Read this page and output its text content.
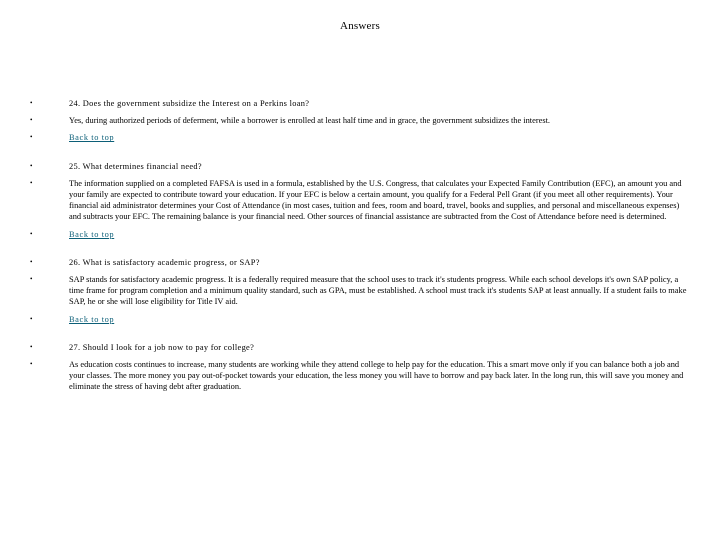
Answers
• 24. Does the government subsidize the Interest on a Perkins loan?
• Yes, during authorized periods of deferment, while a borrower is enrolled at least half time and in grace, the government subsidizes the interest.
• Back to top
• 25. What determines financial need?
• The information supplied on a completed FAFSA is used in a formula, established by the U.S. Congress, that calculates your Expected Family Contribution (EFC), an amount you and your family are expected to contribute toward your education. If your EFC is below a certain amount, you qualify for a Federal Pell Grant (if you meet all other requirements). Your financial aid administrator determines your Cost of Attendance (in most cases, tuition and fees, room and board, travel, books and supplies, and personal and miscellaneous expenses) and subtracts your EFC. The remaining balance is your financial need. Other sources of financial assistance are subtracted from the Cost of Attendance before need is determined.
• Back to top
• 26. What is satisfactory academic progress, or SAP?
• SAP stands for satisfactory academic progress. It is a federally required measure that the school uses to track it's students progress. While each school develops it's own SAP policy, a time frame for program completion and a minimum quality standard, such as GPA, must be established. A school must track it's students SAP at least annually. If a student fails to make SAP, he or she will lose eligibility for Title IV aid.
• Back to top
• 27. Should I look for a job now to pay for college?
• As education costs continues to increase, many students are working while they attend college to help pay for the education. This a smart move only if you can balance both a job and your classes. The more money you pay out-of-pocket towards your education, the less money you will have to borrow and pay back later. In the long run, this will save you money and eliminate the stress of having debt after graduation.
